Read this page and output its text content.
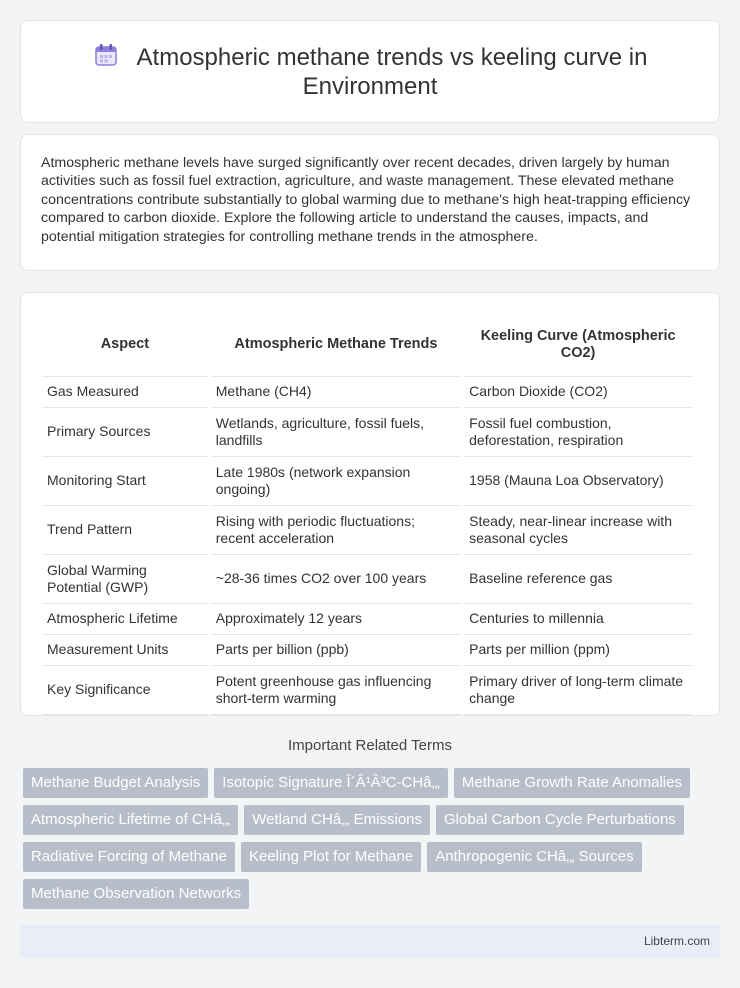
Atmospheric methane trends vs keeling curve in Environment

Atmospheric methane levels have surged significantly over recent decades, driven largely by human activities such as fossil fuel extraction, agriculture, and waste management. These elevated methane concentrations contribute substantially to global warming due to methane's high heat-trapping efficiency compared to carbon dioxide. Explore the following article to understand the causes, impacts, and potential mitigation strategies for controlling methane trends in the atmosphere.

Aspect	Atmospheric Methane Trends	Keeling Curve (Atmospheric CO2)
Gas Measured	Methane (CH4)	Carbon Dioxide (CO2)
Primary Sources	Wetlands, agriculture, fossil fuels, landfills	Fossil fuel combustion, deforestation, respiration
Monitoring Start	Late 1980s (network expansion ongoing)	1958 (Mauna Loa Observatory)
Trend Pattern	Rising with periodic fluctuations; recent acceleration	Steady, near-linear increase with seasonal cycles
Global Warming Potential (GWP)	~28-36 times CO2 over 100 years	Baseline reference gas
Atmospheric Lifetime	Approximately 12 years	Centuries to millennia
Measurement Units	Parts per billion (ppb)	Parts per million (ppm)
Key Significance	Potent greenhouse gas influencing short-term warming	Primary driver of long-term climate change
Important Related Terms
Methane Budget Analysis	Isotopic Signature Î´Â¹Â³C-CHâ‚„	Methane Growth Rate Anomalies
Atmospheric Lifetime of CHâ‚„	Wetland CHâ‚„ Emissions	Global Carbon Cycle Perturbations
Radiative Forcing of Methane	Keeling Plot for Methane	Anthropogenic CHâ‚„ Sources
Methane Observation Networks
Libterm.com
